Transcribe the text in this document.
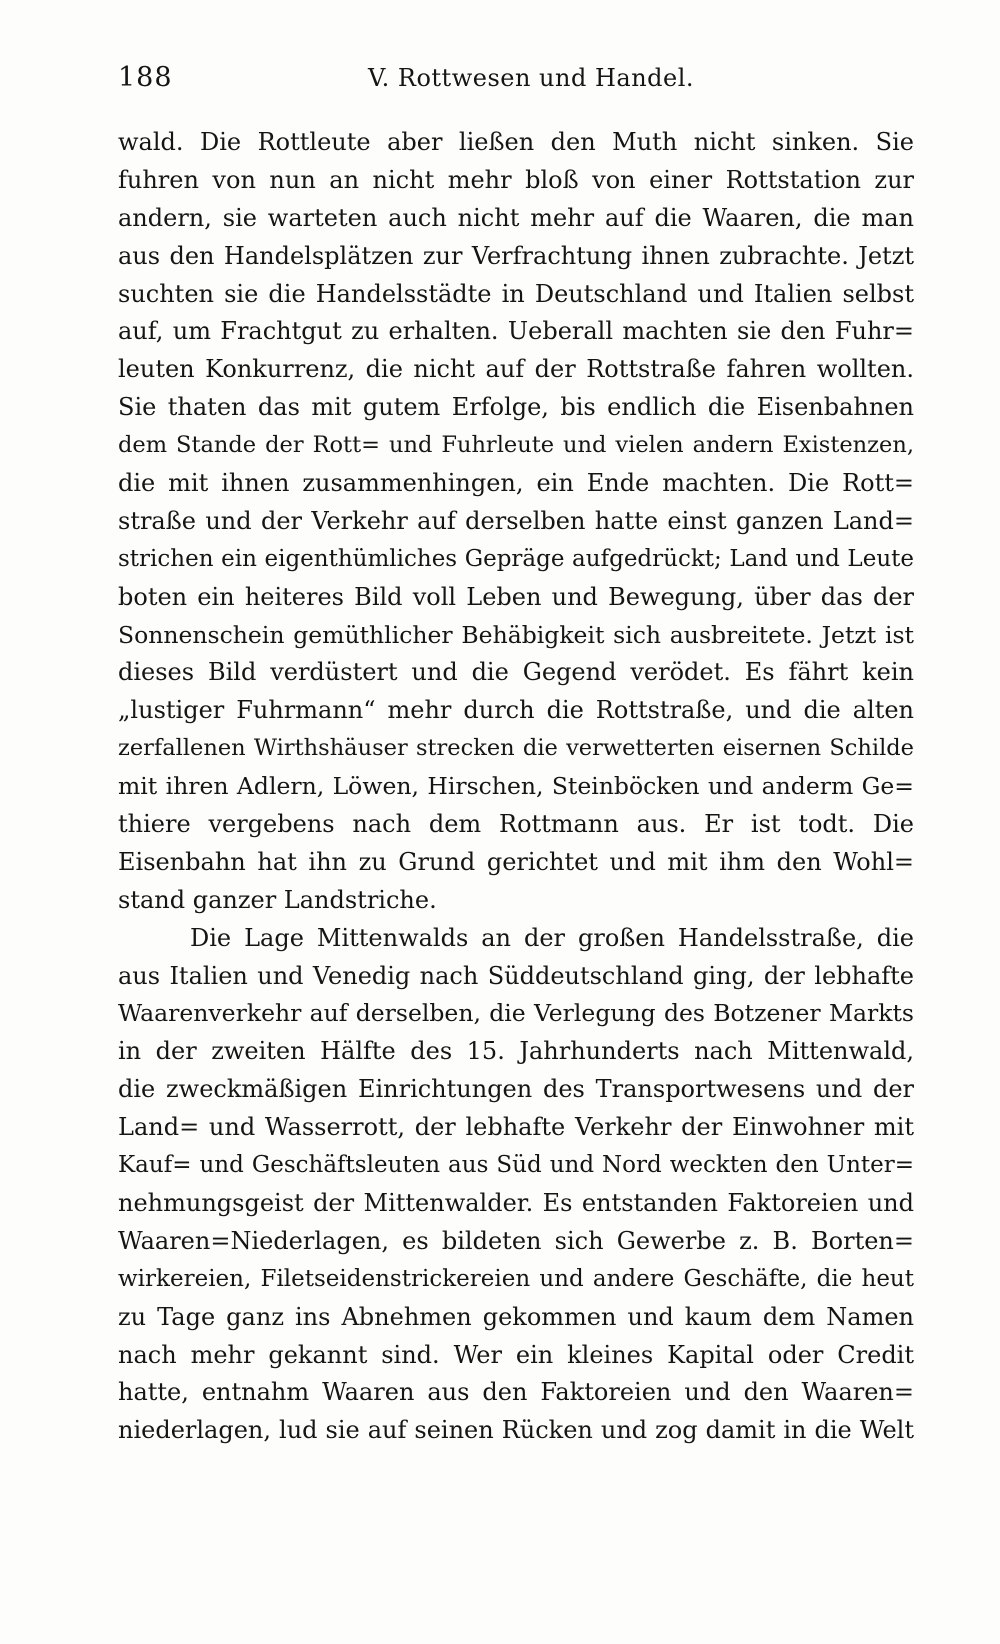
188	V. Rottwesen und Handel.
wald. Die Rottleute aber ließen den Muth nicht sinken. Sie
fuhren von nun an nicht mehr bloß von einer Rottstation zur
andern, sie warteten auch nicht mehr auf die Waaren, die man
aus den Handelsplätzen zur Verfrachtung ihnen zubrachte. Jetzt
suchten sie die Handelsstädte in Deutschland und Italien selbst
auf, um Frachtgut zu erhalten. Ueberall machten sie den Fuhr=
leuten Konkurrenz, die nicht auf der Rottstraße fahren wollten.
Sie thaten das mit gutem Erfolge, bis endlich die Eisenbahnen
dem Stande der Rott= und Fuhrleute und vielen andern Existenzen,
die mit ihnen zusammenhingen, ein Ende machten. Die Rott=
straße und der Verkehr auf derselben hatte einst ganzen Land=
strichen ein eigenthümliches Gepräge aufgedrückt; Land und Leute
boten ein heiteres Bild voll Leben und Bewegung, über das der
Sonnenschein gemüthlicher Behäbigkeit sich ausbreitete. Jetzt ist
dieses Bild verdüstert und die Gegend verödet. Es fährt kein
„lustiger Fuhrmann“ mehr durch die Rottstraße, und die alten
zerfallenen Wirthshäuser strecken die verwetterten eisernen Schilde
mit ihren Adlern, Löwen, Hirschen, Steinböcken und anderm Ge=
thiere vergebens nach dem Rottmann aus. Er ist todt. Die
Eisenbahn hat ihn zu Grund gerichtet und mit ihm den Wohl=
stand ganzer Landstriche.
Die Lage Mittenwalds an der großen Handelsstraße, die
aus Italien und Venedig nach Süddeutschland ging, der lebhafte
Waarenverkehr auf derselben, die Verlegung des Botzener Markts
in der zweiten Hälfte des 15. Jahrhunderts nach Mittenwald,
die zweckmäßigen Einrichtungen des Transportwesens und der
Land= und Wasserrott, der lebhafte Verkehr der Einwohner mit
Kauf= und Geschäftsleuten aus Süd und Nord weckten den Unter=
nehmungsgeist der Mittenwalder. Es entstanden Faktoreien und
Waaren=Niederlagen, es bildeten sich Gewerbe z. B. Borten=
wirkereien, Filetseidenstrickereien und andere Geschäfte, die heut
zu Tage ganz ins Abnehmen gekommen und kaum dem Namen
nach mehr gekannt sind. Wer ein kleines Kapital oder Credit
hatte, entnahm Waaren aus den Faktoreien und den Waaren=
niederlagen, lud sie auf seinen Rücken und zog damit in die Welt
